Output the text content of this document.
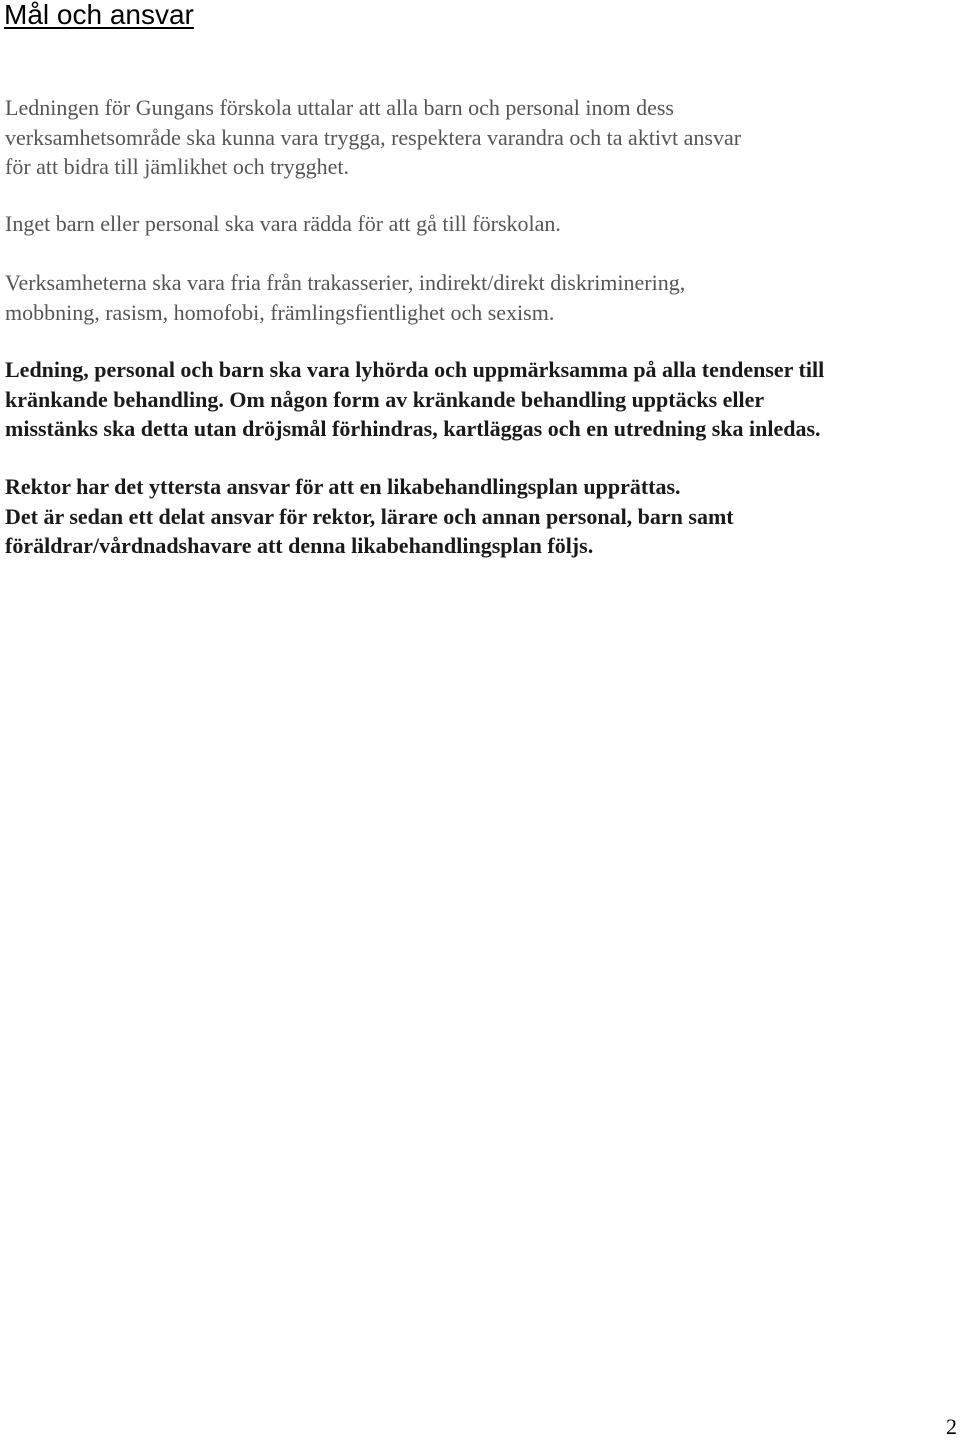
Mål och ansvar

Ledningen för Gungans förskola uttalar att alla barn och personal inom dess
verksamhetsområde ska kunna vara trygga, respektera varandra och ta aktivt ansvar
för att bidra till jämlikhet och trygghet.

Inget barn eller personal ska vara rädda för att gå till förskolan.

Verksamheterna ska vara fria från trakasserier, indirekt/direkt diskriminering,
mobbning, rasism, homofobi, främlingsfientlighet och sexism.

Ledning, personal och barn ska vara lyhörda och uppmärksamma på alla tendenser till
kränkande behandling. Om någon form av kränkande behandling upptäcks eller
misstänks ska detta utan dröjsmål förhindras, kartläggas och en utredning ska inledas.

Rektor har det yttersta ansvar för att en likabehandlingsplan upprättas.
Det är sedan ett delat ansvar för rektor, lärare och annan personal, barn samt
föräldrar/vårdnadshavare att denna likabehandlingsplan följs.

2
